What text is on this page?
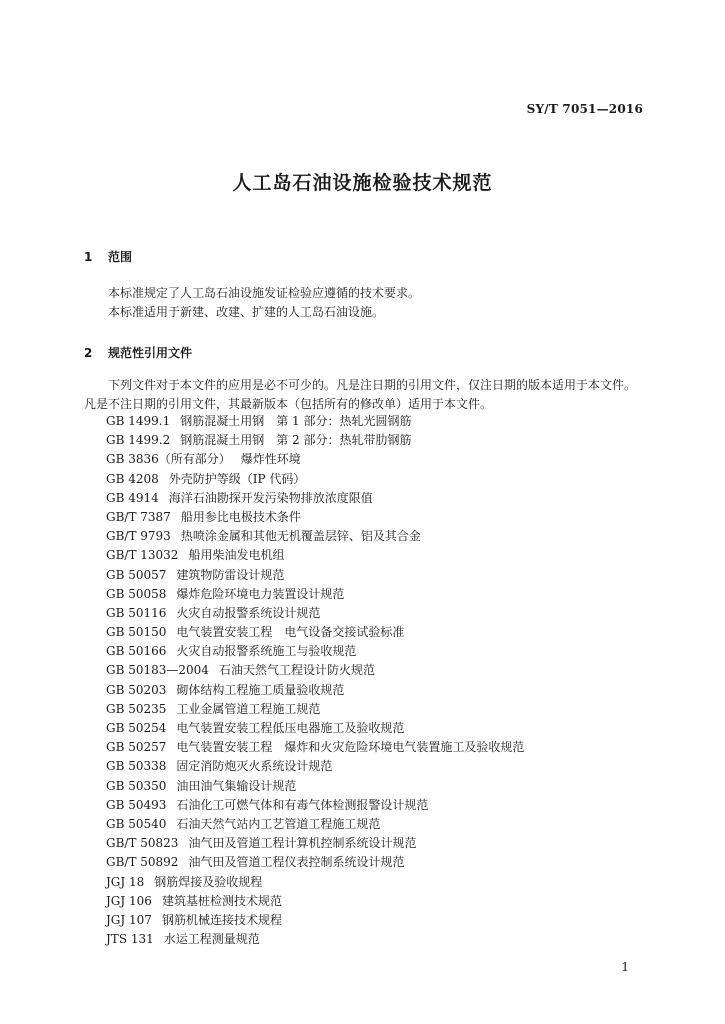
SY/T 7051—2016
人工岛石油设施检验技术规范
1 范围
本标准规定了人工岛石油设施发证检验应遵循的技术要求。
本标准适用于新建、改建、扩建的人工岛石油设施。
2 规范性引用文件
下列文件对于本文件的应用是必不可少的。凡是注日期的引用文件，仅注日期的版本适用于本文件。凡是不注日期的引用文件，其最新版本（包括所有的修改单）适用于本文件。
GB 1499.1 钢筋混凝土用钢　第 1 部分：热轧光圆钢筋
GB 1499.2 钢筋混凝土用钢　第 2 部分：热轧带肋钢筋
GB 3836（所有部分） 爆炸性环境
GB 4208 外壳防护等级（IP 代码）
GB 4914 海洋石油勘探开发污染物排放浓度限值
GB/T 7387 船用参比电极技术条件
GB/T 9793 热喷涂金属和其他无机覆盖层锌、铝及其合金
GB/T 13032 船用柴油发电机组
GB 50057 建筑物防雷设计规范
GB 50058 爆炸危险环境电力装置设计规范
GB 50116 火灾自动报警系统设计规范
GB 50150 电气装置安装工程　电气设备交接试验标准
GB 50166 火灾自动报警系统施工与验收规范
GB 50183—2004 石油天然气工程设计防火规范
GB 50203 砌体结构工程施工质量验收规范
GB 50235 工业金属管道工程施工规范
GB 50254 电气装置安装工程低压电器施工及验收规范
GB 50257 电气装置安装工程　爆炸和火灾危险环境电气装置施工及验收规范
GB 50338 固定消防炮灭火系统设计规范
GB 50350 油田油气集输设计规范
GB 50493 石油化工可燃气体和有毒气体检测报警设计规范
GB 50540 石油天然气站内工艺管道工程施工规范
GB/T 50823 油气田及管道工程计算机控制系统设计规范
GB/T 50892 油气田及管道工程仪表控制系统设计规范
JGJ 18 钢筋焊接及验收规程
JGJ 106 建筑基桩检测技术规范
JGJ 107 钢筋机械连接技术规程
JTS 131 水运工程测量规范
1
